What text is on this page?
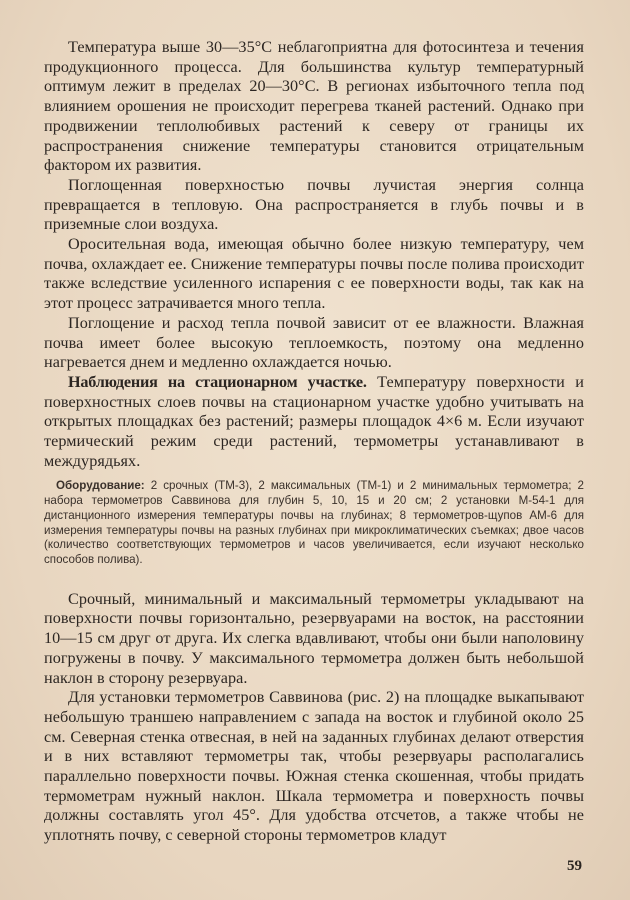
Температура выше 30—35°С неблагоприятна для фотосинтеза и течения продукционного процесса. Для большинства культур температурный оптимум лежит в пределах 20—30°С. В регионах избыточного тепла под влиянием орошения не происходит перегрева тканей растений. Однако при продвижении теплолюбивых растений к северу от границы их распространения снижение температуры становится отрицательным фактором их развития.

Поглощенная поверхностью почвы лучистая энергия солнца превращается в тепловую. Она распространяется в глубь почвы и в приземные слои воздуха.

Оросительная вода, имеющая обычно более низкую температуру, чем почва, охлаждает ее. Снижение температуры почвы после полива происходит также вследствие усиленного испарения с ее поверхности воды, так как на этот процесс затрачивается много тепла.

Поглощение и расход тепла почвой зависит от ее влажности. Влажная почва имеет более высокую теплоемкость, поэтому она медленно нагревается днем и медленно охлаждается ночью.

Наблюдения на стационарном участке. Температуру поверхности и поверхностных слоев почвы на стационарном участке удобно учитывать на открытых площадках без растений; размеры площадок 4×6 м. Если изучают термический режим среди растений, термометры устанавливают в междурядьях.

Оборудование: 2 срочных (ТМ-3), 2 максимальных (ТМ-1) и 2 минимальных термометра; 2 набора термометров Саввинова для глубин 5, 10, 15 и 20 см; 2 установки М-54-1 для дистанционного измерения температуры почвы на глубинах; 8 термометров-щупов АМ-6 для измерения температуры почвы на разных глубинах при микроклиматических съемках; двое часов (количество соответствующих термометров и часов увеличивается, если изучают несколько способов полива).

Срочный, минимальный и максимальный термометры укладывают на поверхности почвы горизонтально, резервуарами на восток, на расстоянии 10—15 см друг от друга. Их слегка вдавливают, чтобы они были наполовину погружены в почву. У максимального термометра должен быть небольшой наклон в сторону резервуара.

Для установки термометров Саввинова (рис. 2) на площадке выкапывают небольшую траншею направлением с запада на восток и глубиной около 25 см. Северная стенка отвесная, в ней на заданных глубинах делают отверстия и в них вставляют термометры так, чтобы резервуары располагались параллельно поверхности почвы. Южная стенка скошенная, чтобы придать термометрам нужный наклон. Шкала термометра и поверхность почвы должны составлять угол 45°. Для удобства отсчетов, а также чтобы не уплотнять почву, с северной стороны термометров кладут

59
